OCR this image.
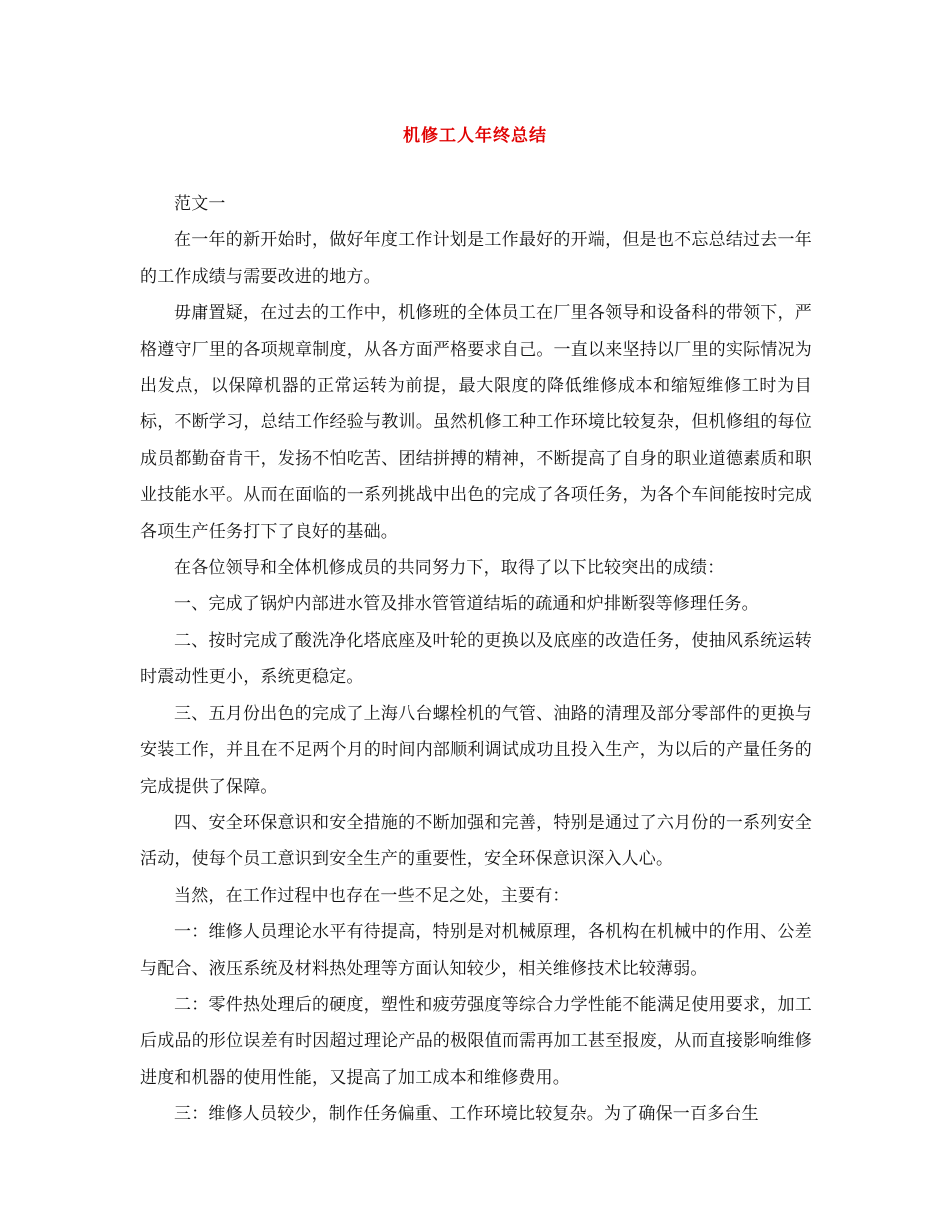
机修工人年终总结

范文一

在一年的新开始时，做好年度工作计划是工作最好的开端，但是也不忘总结过去一年的工作成绩与需要改进的地方。

毋庸置疑，在过去的工作中，机修班的全体员工在厂里各领导和设备科的带领下，严格遵守厂里的各项规章制度，从各方面严格要求自己。一直以来坚持以厂里的实际情况为出发点，以保障机器的正常运转为前提，最大限度的降低维修成本和缩短维修工时为目标，不断学习，总结工作经验与教训。虽然机修工种工作环境比较复杂，但机修组的每位成员都勤奋肯干，发扬不怕吃苦、团结拼搏的精神，不断提高了自身的职业道德素质和职业技能水平。从而在面临的一系列挑战中出色的完成了各项任务，为各个车间能按时完成各项生产任务打下了良好的基础。

在各位领导和全体机修成员的共同努力下，取得了以下比较突出的成绩：

一、完成了锅炉内部进水管及排水管管道结垢的疏通和炉排断裂等修理任务。

二、按时完成了酸洗净化塔底座及叶轮的更换以及底座的改造任务，使抽风系统运转时震动性更小，系统更稳定。

三、五月份出色的完成了上海八台螺栓机的气管、油路的清理及部分零部件的更换与安装工作，并且在不足两个月的时间内部顺利调试成功且投入生产，为以后的产量任务的完成提供了保障。

四、安全环保意识和安全措施的不断加强和完善，特别是通过了六月份的一系列安全活动，使每个员工意识到安全生产的重要性，安全环保意识深入人心。

当然，在工作过程中也存在一些不足之处，主要有：

一：维修人员理论水平有待提高，特别是对机械原理，各机构在机械中的作用、公差与配合、液压系统及材料热处理等方面认知较少，相关维修技术比较薄弱。

二：零件热处理后的硬度，塑性和疲劳强度等综合力学性能不能满足使用要求，加工后成品的形位误差有时因超过理论产品的极限值而需再加工甚至报废，从而直接影响维修进度和机器的使用性能，又提高了加工成本和维修费用。

三：维修人员较少，制作任务偏重、工作环境比较复杂。为了确保一百多台生
